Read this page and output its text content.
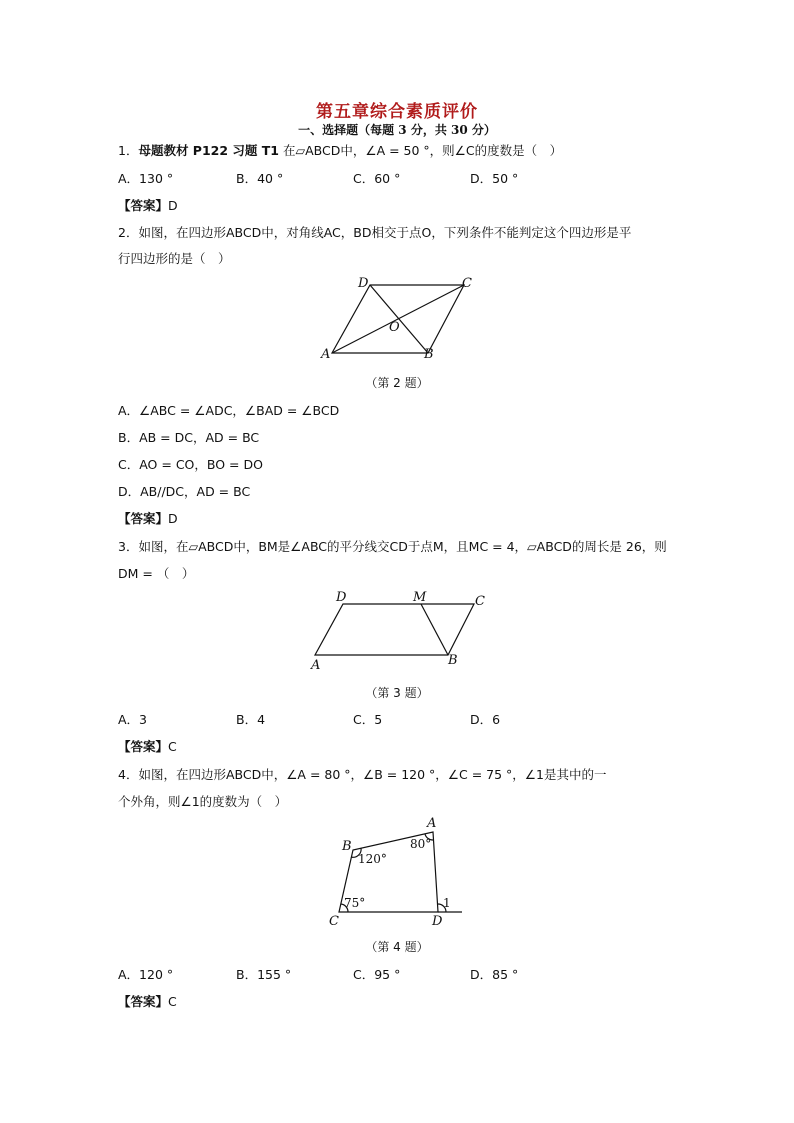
第五章综合素质评价
一、选择题（每题 3 分，共 30 分）
1．母题教材 P122 习题 T1 在▱ABCD中，∠A = 50 °，则∠C的度数是（　）
A．130 °	B．40 °	C．60 °	D．50 °
【答案】D
2．如图，在四边形ABCD中，对角线AC，BD相交于点O，下列条件不能判定这个四边形是平
行四边形的是（　）
D	C
O
A	B
（第 2 题）
A．∠ABC = ∠ADC，∠BAD = ∠BCD
B．AB = DC，AD = BC
C．AO = CO，BO = DO
D．AB//DC，AD = BC
【答案】D
3．如图，在▱ABCD中，BM是∠ABC的平分线交CD于点M，且MC = 4，▱ABCD的周长是 26，则
DM = （　）
D	M	C
A	B
（第 3 题）
A．3	B．4	C．5	D．6
【答案】C
4．如图，在四边形ABCD中，∠A = 80 °，∠B = 120 °，∠C = 75 °，∠1是其中的一
个外角，则∠1的度数为（　）
A
B
C	D
1
80°
120°
75°
（第 4 题）
A．120 °	B．155 °	C．95 °	D．85 °
【答案】C
